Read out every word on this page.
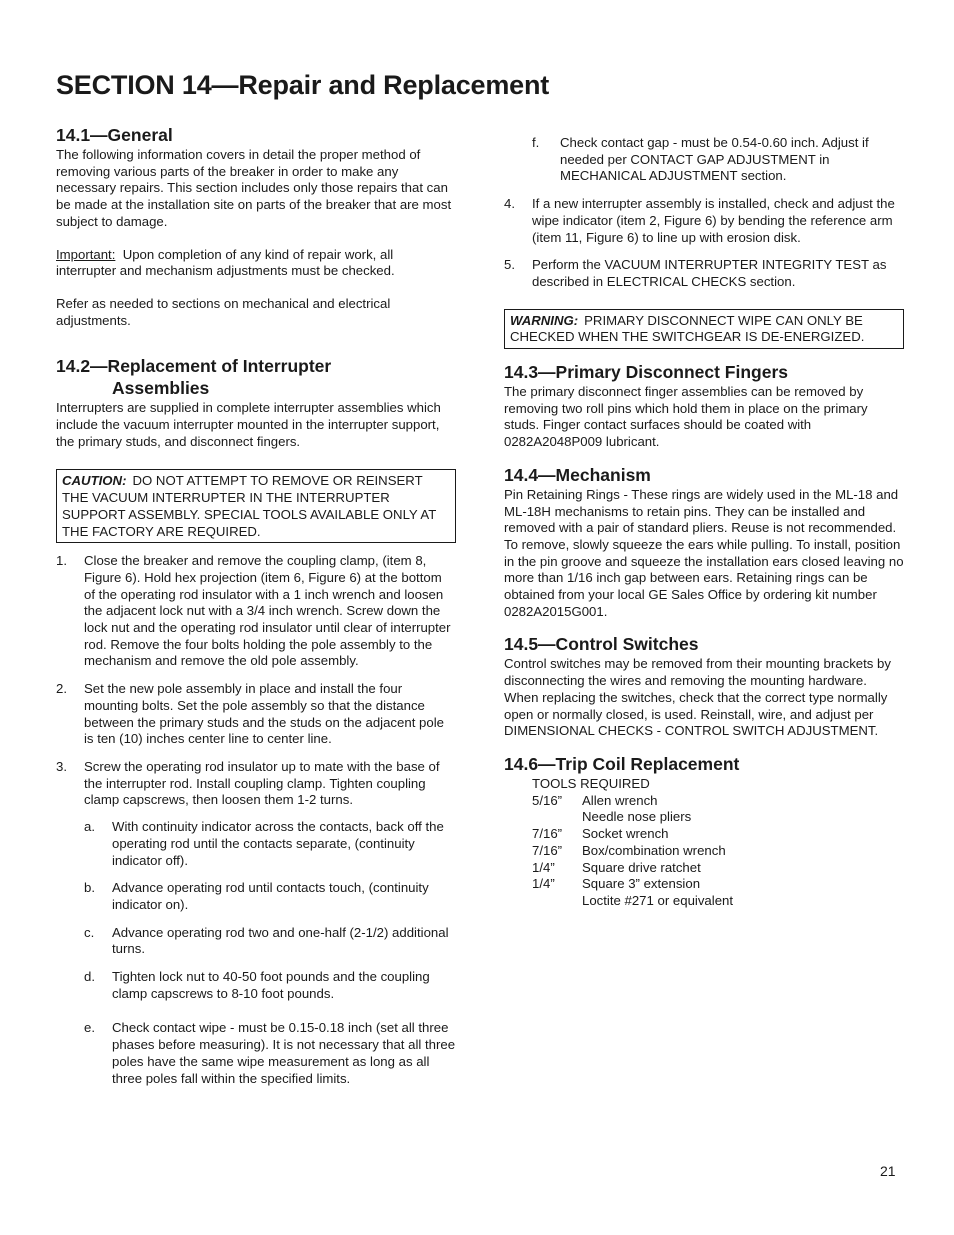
SECTION 14—Repair and Replacement
14.1—General

The following information covers in detail the proper method of removing various parts of the breaker in order to make any necessary repairs. This section includes only those repairs that can be made at the installation site on parts of the breaker that are most subject to damage.

Important: Upon completion of any kind of repair work, all interrupter and mechanism adjustments must be checked.

Refer as needed to sections on mechanical and electrical adjustments.

14.2—Replacement of Interrupter
Assemblies

Interrupters are supplied in complete interrupter assemblies which include the vacuum interrupter mounted in the interrupter support, the primary studs, and disconnect fingers.

CAUTION: DO NOT ATTEMPT TO REMOVE OR REINSERT THE VACUUM INTERRUPTER IN THE INTERRUPTER SUPPORT ASSEMBLY. SPECIAL TOOLS AVAILABLE ONLY AT THE FACTORY ARE REQUIRED.
1. Close the breaker and remove the coupling clamp, (item 8, Figure 6). Hold hex projection (item 6, Figure 6) at the bottom of the operating rod insulator with a 1 inch wrench and loosen the adjacent lock nut with a 3/4 inch wrench. Screw down the lock nut and the operating rod insulator until clear of interrupter rod. Remove the four bolts holding the pole assembly to the mechanism and remove the old pole assembly.
2. Set the new pole assembly in place and install the four mounting bolts. Set the pole assembly so that the distance between the primary studs and the studs on the adjacent pole is ten (10) inches center line to center line.
3. Screw the operating rod insulator up to mate with the base of the interrupter rod. Install coupling clamp. Tighten coupling clamp capscrews, then loosen them 1-2 turns.
a. With continuity indicator across the contacts, back off the operating rod until the contacts separate, (continuity indicator off).
b. Advance operating rod until contacts touch, (continuity indicator on).
c. Advance operating rod two and one-half (2-1/2) additional turns.
d. Tighten lock nut to 40-50 foot pounds and the coupling clamp capscrews to 8-10 foot pounds.
e. Check contact wipe - must be 0.15-0.18 inch (set all three phases before measuring). It is not necessary that all three poles have the same wipe measurement as long as all three poles fall within the specified limits.
f. Check contact gap - must be 0.54-0.60 inch. Adjust if needed per CONTACT GAP ADJUSTMENT in MECHANICAL ADJUSTMENT section.
4. If a new interrupter assembly is installed, check and adjust the wipe indicator (item 2, Figure 6) by bending the reference arm (item 11, Figure 6) to line up with erosion disk.
5. Perform the VACUUM INTERRUPTER INTEGRITY TEST as described in ELECTRICAL CHECKS section.
WARNING: PRIMARY DISCONNECT WIPE CAN ONLY BE CHECKED WHEN THE SWITCHGEAR IS DE-ENERGIZED.
14.3—Primary Disconnect Fingers

The primary disconnect finger assemblies can be removed by removing two roll pins which hold them in place on the primary studs. Finger contact surfaces should be coated with 0282A2048P009 lubricant.

14.4—Mechanism

Pin Retaining Rings - These rings are widely used in the ML-18 and ML-18H mechanisms to retain pins. They can be installed and removed with a pair of standard pliers. Reuse is not recommended. To remove, slowly squeeze the ears while pulling. To install, position in the pin groove and squeeze the installation ears closed leaving no more than 1/16 inch gap between ears. Retaining rings can be obtained from your local GE Sales Office by ordering kit number 0282A2015G001.

14.5—Control Switches

Control switches may be removed from their mounting brackets by disconnecting the wires and removing the mounting hardware. When replacing the switches, check that the correct type normally open or normally closed, is used. Reinstall, wire, and adjust per DIMENSIONAL CHECKS - CONTROL SWITCH ADJUSTMENT.

14.6—Trip Coil Replacement
TOOLS REQUIRED
5/16”	Allen wrench
Needle nose pliers
7/16”	Socket wrench
7/16”	Box/combination wrench
1/4”	Square drive ratchet
1/4”	Square 3” extension
Loctite #271 or equivalent
21
